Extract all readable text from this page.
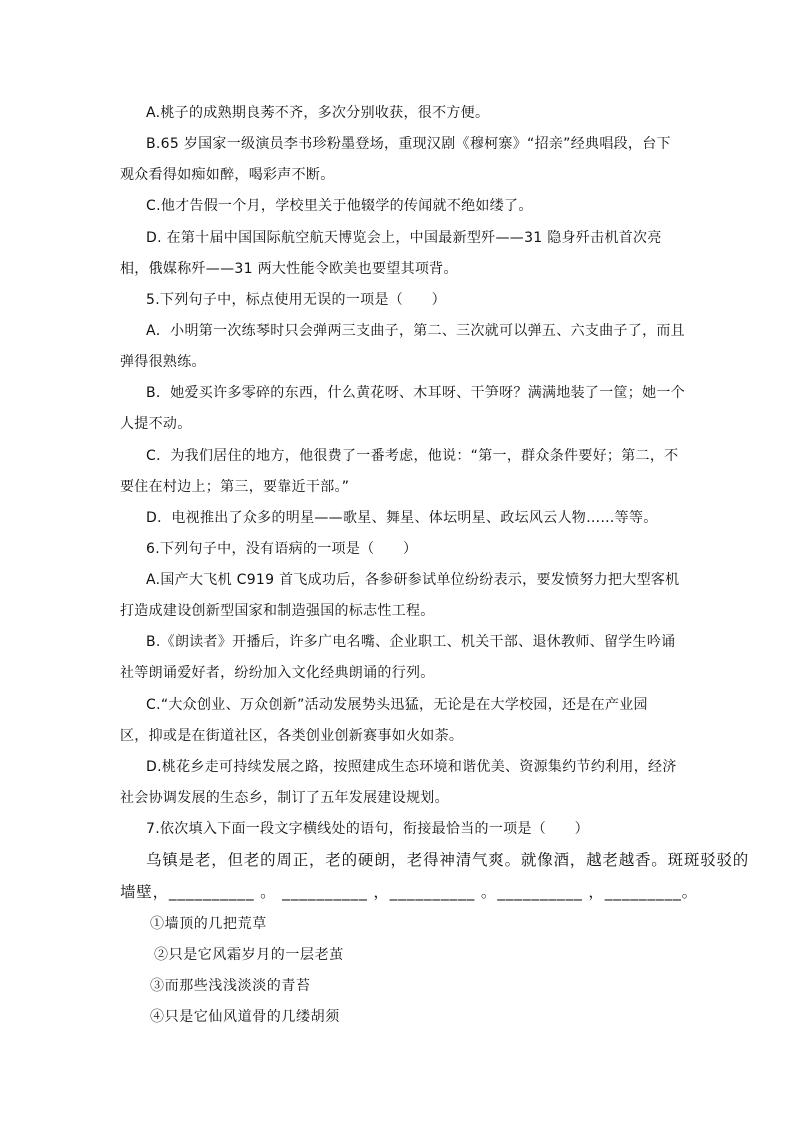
A.桃子的成熟期良莠不齐，多次分别收获，很不方便。

B.65 岁国家一级演员李书珍粉墨登场，重现汉剧《穆柯寨》“招亲”经典唱段，台下

观众看得如痴如醉，喝彩声不断。

C.他才告假一个月，学校里关于他辍学的传闻就不绝如缕了。

D. 在第十届中国国际航空航天博览会上，中国最新型歼——31 隐身歼击机首次亮

相，俄媒称歼——31 两大性能令欧美也要望其项背。

5.下列句子中，标点使用无误的一项是（　　）

A．小明第一次练琴时只会弹两三支曲子，第二、三次就可以弹五、六支曲子了，而且

弹得很熟练。

B．她爱买许多零碎的东西，什么黄花呀、木耳呀、干笋呀？满满地装了一筐；她一个

人提不动。

C．为我们居住的地方，他很费了一番考虑，他说：“第一，群众条件要好；第二，不

要住在村边上；第三，要靠近干部。”

D．电视推出了众多的明星——歌星、舞星、体坛明星、政坛风云人物……等等。

6.下列句子中，没有语病的一项是（　　）

A.国产大飞机 C919 首飞成功后，各参研参试单位纷纷表示，要发愤努力把大型客机

打造成建设创新型国家和制造强国的标志性工程。

B.《朗读者》开播后，许多广电名嘴、企业职工、机关干部、退休教师、留学生吟诵

社等朗诵爱好者，纷纷加入文化经典朗诵的行列。

C.“大众创业、万众创新”活动发展势头迅猛，无论是在大学校园，还是在产业园

区，抑或是在街道社区，各类创业创新赛事如火如荼。

D.桃花乡走可持续发展之路，按照建成生态环境和谐优美、资源集约节约利用，经济

社会协调发展的生态乡，制订了五年发展建设规划。

7.依次填入下面一段文字横线处的语句，衔接最恰当的一项是（　　）

乌镇是老，但老的周正，老的硬朗，老得神清气爽。就像酒，越老越香。斑斑驳驳的

墙壁，__________ 。 __________ ，__________ 。__________ ，_________。

①墙顶的几把荒草

②只是它风霜岁月的一层老茧

③而那些浅浅淡淡的青苔

④只是它仙风道骨的几缕胡须
